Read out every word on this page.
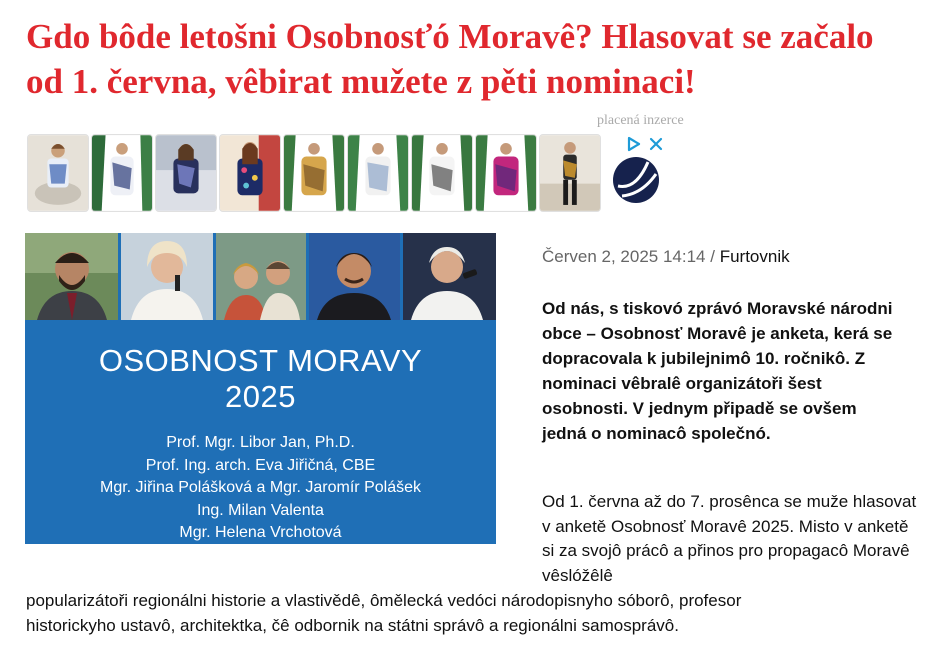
Gdo bôde letošni Osobnosťó Moravê? Hlasovat se začalo od 1. června, vêbirat mužete z pěti nominaci!
placená inzerce
OSOBNOST MORAVY
2025
Prof. Mgr. Libor Jan, Ph.D.
Prof. Ing. arch. Eva Jiřičná, CBE
Mgr. Jiřina Polášková a Mgr. Jaromír Polášek
Ing. Milan Valenta
Mgr. Helena Vrchotová
Červen 2, 2025 14:14 / Furtovnik

Od nás, s tiskovó zprávó Moravské národni obce – Osobnosť Moravê je anketa, kerá se dopracovala k jubilejnimô 10. ročnikô. Z nominaci vêbralê organizátoři šest osobnosti. V jednym připadě se ovšem jedná o nominacô společnó.

Od 1. června až do 7. prosênca se muže hlasovat v anketě Osobnosť Moravê 2025. Misto v anketě si za svojô prácô a přinos pro propagacô Moravê vêslóžêlê

popularizátoři regionálni historie a vlastivědê, ômělecká vedóci národopisnyho sóborô, profesor
historickyho ustavô, architektka, čê odbornik na státni správô a regionálni samosprávô.
